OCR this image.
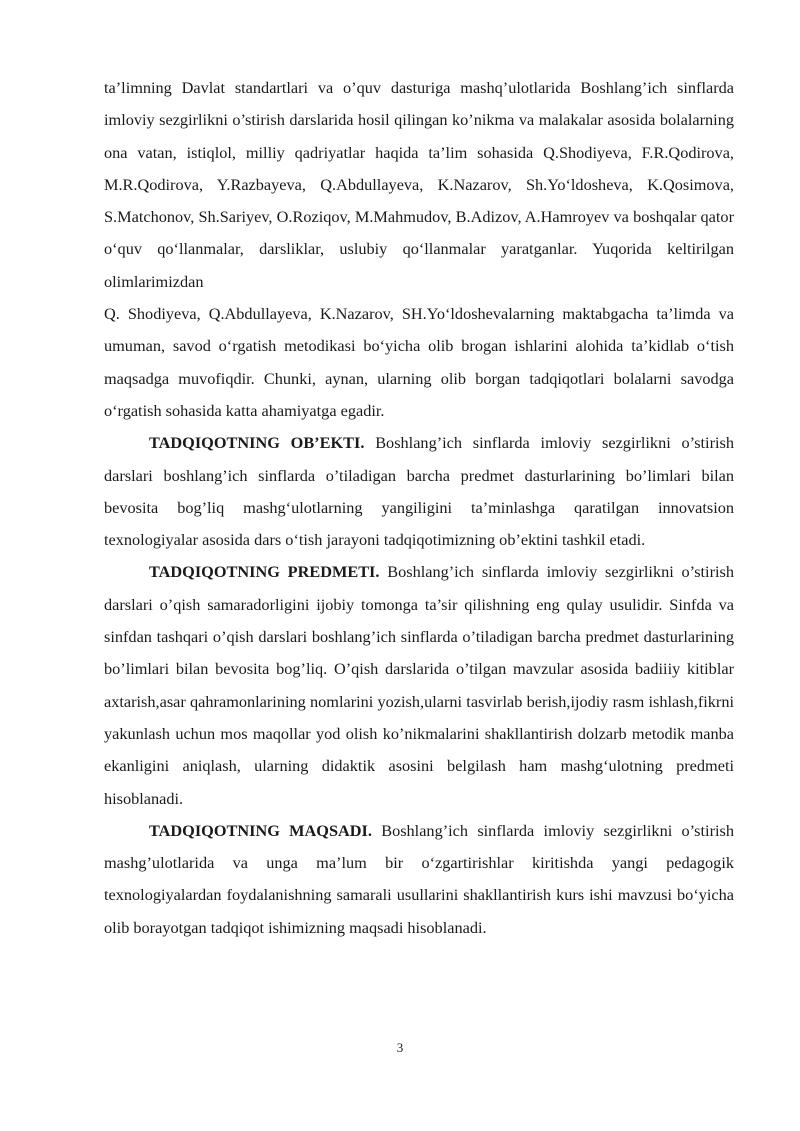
ta’limning Davlat standartlari va o’quv dasturiga mashq’ulotlarida Boshlang’ich sinflarda imloviy sezgirlikni o’stirish darslarida hosil qilingan ko’nikma va malakalar asosida bolalarning ona vatan, istiqlol, milliy qadriyatlar haqida ta’lim sohasida Q.Shodiyeva, F.R.Qodirova, M.R.Qodirova, Y.Razbayeva, Q.Abdullayeva, K.Nazarov, Sh.Yo‘ldosheva, K.Qosimova, S.Matchonov, Sh.Sariyev, O.Roziqov, M.Mahmudov, B.Adizov, A.Hamroyev va boshqalar qator o‘quv qo‘llanmalar, darsliklar, uslubiy qo‘llanmalar yaratganlar. Yuqorida keltirilgan olimlarimizdan

Q. Shodiyeva, Q.Abdullayeva, K.Nazarov, SH.Yo‘ldoshevalarning maktabgacha ta’limda va umuman, savod o‘rgatish metodikasi bo‘yicha olib brogan ishlarini alohida ta’kidlab o‘tish maqsadga muvofiqdir. Chunki, aynan, ularning olib borgan tadqiqotlari bolalarni savodga o‘rgatish sohasida katta ahamiyatga egadir.

TADQIQOTNING OB’EKTI. Boshlang’ich sinflarda imloviy sezgirlikni o’stirish darslari boshlang’ich sinflarda o’tiladigan barcha predmet dasturlarining bo’limlari bilan bevosita bog’liq mashg‘ulotlarning yangiligini ta’minlashga qaratilgan innovatsion texnologiyalar asosida dars o‘tish jarayoni tadqiqotimizning ob’ektini tashkil etadi.

TADQIQOTNING PREDMETI. Boshlang’ich sinflarda imloviy sezgirlikni o’stirish darslari o’qish samaradorligini ijobiy tomonga ta’sir qilishning eng qulay usulidir. Sinfda va sinfdan tashqari o’qish darslari boshlang’ich sinflarda o’tiladigan barcha predmet dasturlarining bo’limlari bilan bevosita bog’liq. O’qish darslarida o’tilgan mavzular asosida badiiiy kitiblar axtarish,asar qahramonlarining nomlarini yozish,ularni tasvirlab berish,ijodiy rasm ishlash,fikrni yakunlash uchun mos maqollar yod olish ko’nikmalarini shakllantirish dolzarb metodik manba ekanligini aniqlash, ularning didaktik asosini belgilash ham mashg‘ulotning predmeti hisoblanadi.

TADQIQOTNING MAQSADI. Boshlang’ich sinflarda imloviy sezgirlikni o’stirish mashg’ulotlarida va unga ma’lum bir o‘zgartirishlar kiritishda yangi pedagogik texnologiyalardan foydalanishning samarali usullarini shakllantirish kurs ishi mavzusi bo‘yicha olib borayotgan tadqiqot ishimizning maqsadi hisoblanadi.

3
